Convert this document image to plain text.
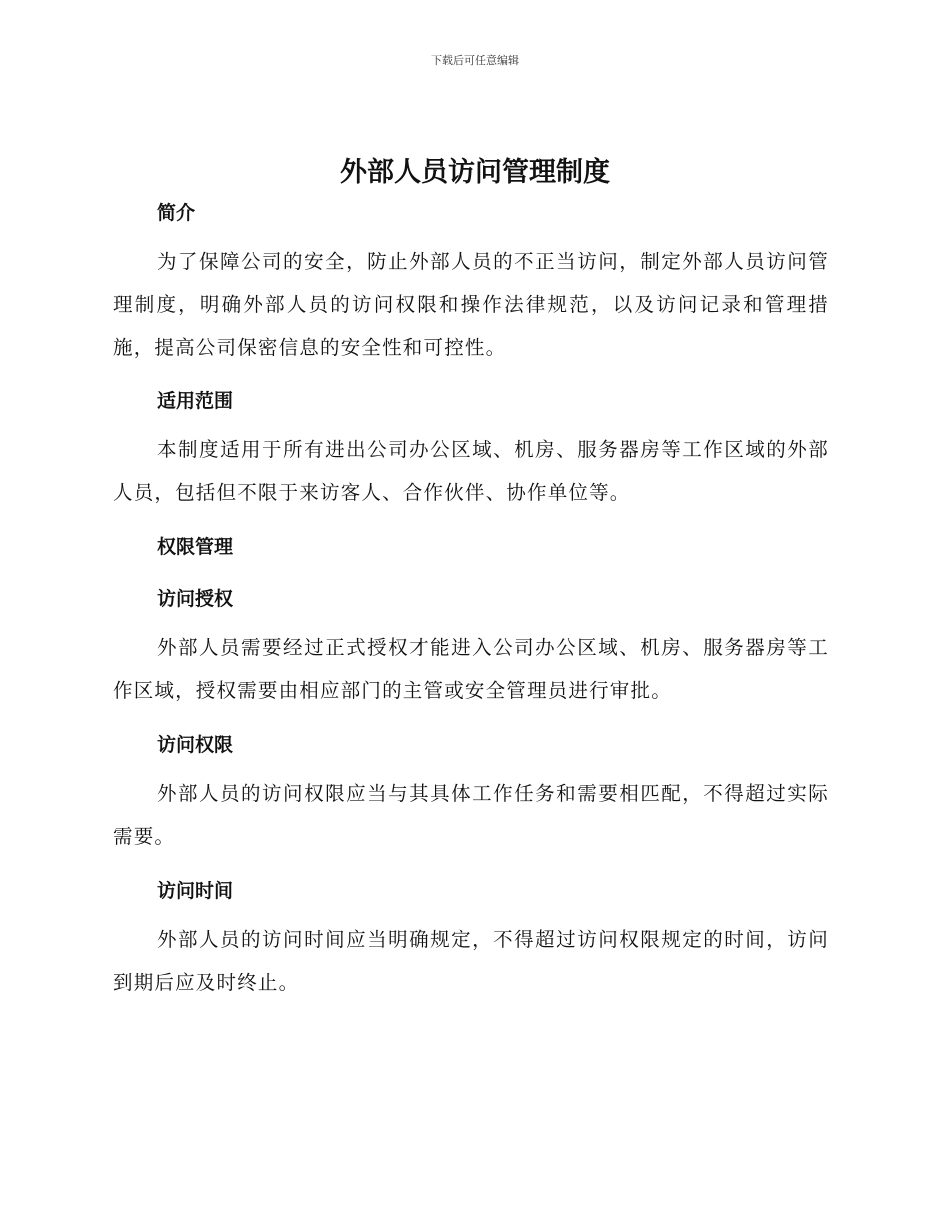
下载后可任意编辑
外部人员访问管理制度
简介

为了保障公司的安全，防止外部人员的不正当访问，制定外部人员访问管理制度，明确外部人员的访问权限和操作法律规范，以及访问记录和管理措施，提高公司保密信息的安全性和可控性。

适用范围

本制度适用于所有进出公司办公区域、机房、服务器房等工作区域的外部人员，包括但不限于来访客人、合作伙伴、协作单位等。

权限管理
访问授权

外部人员需要经过正式授权才能进入公司办公区域、机房、服务器房等工作区域，授权需要由相应部门的主管或安全管理员进行审批。

访问权限

外部人员的访问权限应当与其具体工作任务和需要相匹配，不得超过实际需要。

访问时间

外部人员的访问时间应当明确规定，不得超过访问权限规定的时间，访问到期后应及时终止。
